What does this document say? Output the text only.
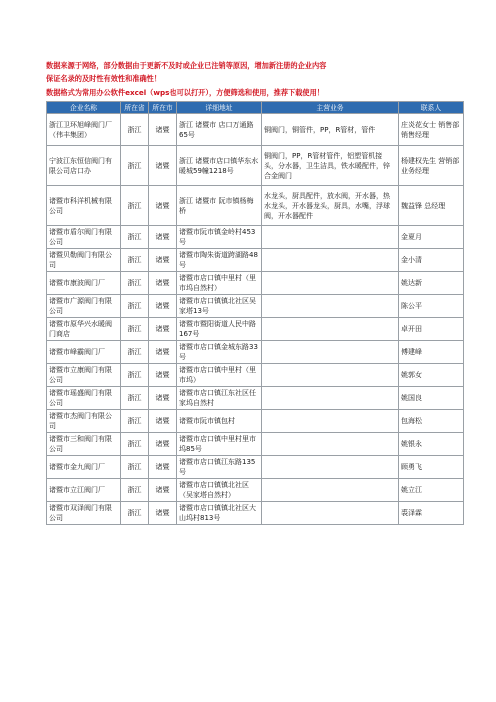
数据来源于网络，部分数据由于更新不及时或企业已注销等原因，增加新注册的企业内容
保证名录的及时性有效性和准确性！
数据格式为常用办公软件excel（wps也可以打开），方便筛选和使用，推荐下载使用！
企业名称	所在省	所在市	详细地址	主营业务	联系人
浙江卫环旭峰阀门厂（伟丰集团）	浙江	诸暨	浙江 诸暨市 店口万通路65号	铜阀门，铜管件，PP，R管材，管件	庄炎花女士 销售部销售经理
宁波江东恒信阀门有限公司店口办	浙江	诸暨	浙江 诸暨市店口镇华东水暖城59幢1218号	铜阀门，PP，R管材管件，铝塑管机接头，分水器，卫生洁具，铁水暖配件，锌合金阀门	杨建权先生 营销部业务经理
诸暨市科洋机械有限公司	浙江	诸暨	浙江 诸暨市 阮市镇杨梅桥	水龙头，厨具配件，放水阀，开水器，热水龙头，开水器龙头，厨具，水嘴，浮球阀，开水器配件	魏益锋 总经理
诸暨市盾尔阀门有限公司	浙江	诸暨	诸暨市阮市镇金岭村453号		金夏月
诸暨贝勒阀门有限公司	浙江	诸暨	诸暨市陶朱街道跨湖路48号		金小清
诸暨市康波阀门厂	浙江	诸暨	诸暨市店口镇中里村（里市坞自然村）		姚达新
诸暨市广源阀门有限公司	浙江	诸暨	诸暨市店口镇镇北社区吴家塔13号		陈公平
诸暨市原华兴水暖阀门商店	浙江	诸暨	诸暨市暨阳街道人民中路167号		卓开田
诸暨市峰霸阀门厂	浙江	诸暨	诸暨市店口镇金城东路33号		傅建峰
诸暨市立康阀门有限公司	浙江	诸暨	诸暨市店口镇中里村（里市坞）		姚郭女
诸暨市瑶盛阀门有限公司	浙江	诸暨	诸暨市店口镇江东社区任家坞自然村		姚国良
诸暨市杰阀门有限公司	浙江	诸暨	诸暨市阮市镇包村		包海松
诸暨市三和阀门有限公司	浙江	诸暨	诸暨市店口镇中里村里市坞85号		姚银永
诸暨市金九阀门厂	浙江	诸暨	诸暨市店口镇江东路135号		顾勇飞
诸暨市立江阀门厂	浙江	诸暨	诸暨市店口镇镇北社区（吴家塔自然村）		姚立江
诸暨市双泽阀门有限公司	浙江	诸暨	诸暨市店口镇镇北社区大山坞村813号		裘泽霖
